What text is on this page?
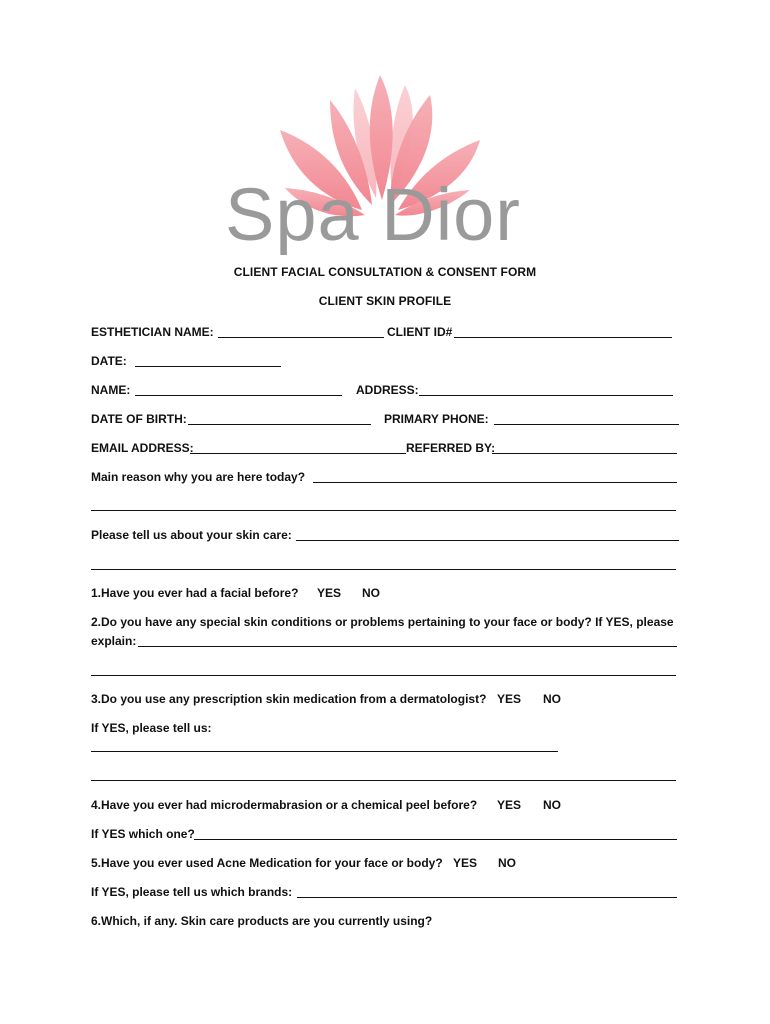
Spa Dior
CLIENT FACIAL CONSULTATION & CONSENT FORM
CLIENT SKIN PROFILE
ESTHETICIAN NAME:	CLIENT ID#
DATE:
NAME:	ADDRESS:
DATE OF BIRTH:	PRIMARY PHONE:
EMAIL ADDRESS:	REFERRED BY:
Main reason why you are here today?
Please tell us about your skin care:
1.Have you ever had a facial before? YES NO
2.Do you have any special skin conditions or problems pertaining to your face or body? If YES, please
explain:
3.Do you use any prescription skin medication from a dermatologist? YES NO
If YES, please tell us:
4.Have you ever had microdermabrasion or a chemical peel before? YES NO
If YES which one?
5.Have you ever used Acne Medication for your face or body? YES NO
If YES, please tell us which brands:
6.Which, if any. Skin care products are you currently using?
